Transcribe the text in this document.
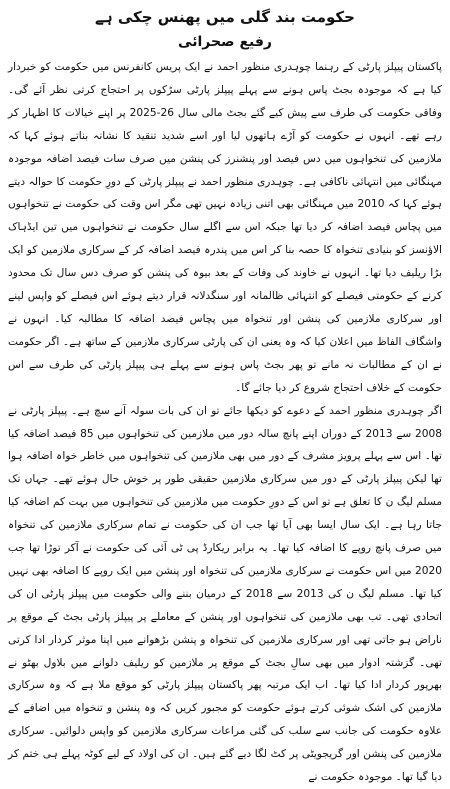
حکومت بند گلی میں پھنس چکی ہے
رفیع صحرائی

پاکستان پیپلز پارٹی کے رہنما چوہدری منظور احمد نے ایک پریس کانفرنس میں حکومت کو خبردار کیا ہے کہ موجودہ بجٹ پاس ہونے سے پہلے پیپلز پارٹی سڑکوں پر احتجاج کرتی نظر آئے گی۔ وفاقی حکومت کی طرف سے پیش کیے گئے بجٹ مالی سال 26-2025 پر اپنے خیالات کا اظہار کر رہے تھے۔ انہوں نے حکومت کو آڑے ہاتھوں لیا اور اسے شدید تنقید کا نشانہ بناتے ہوئے کہا کہ ملازمین کی تنخواہوں میں دس فیصد اور پنشنرز کی پنشن میں صرف سات فیصد اضافہ موجودہ مہنگائی میں انتہائی ناکافی ہے۔ چوہدری منظور احمد نے پیپلز پارٹی کے دورِ حکومت کا حوالہ دیتے ہوئے کہا کہ 2010 میں مہنگائی بھی اتنی زیادہ نہیں تھی مگر اس وقت کی حکومت نے تنخواہوں میں پچاس فیصد اضافہ کر دیا تھا جبکہ اس سے اگلے سال حکومت نے تنخواہوں میں تین ایڈہاک الاؤنسز کو بنیادی تنخواہ کا حصہ بنا کر اس میں پندرہ فیصد اضافہ کر کے سرکاری ملازمین کو ایک بڑا ریلیف دیا تھا۔ انہوں نے خاوند کی وفات کے بعد بیوہ کی پنشن کو صرف دس سال تک محدود کرنے کے حکومتی فیصلے کو انتہائی ظالمانہ اور سنگدلانہ قرار دیتے ہوئے اس فیصلے کو واپس لینے اور سرکاری ملازمین کی پنشن اور تنخواہ میں پچاس فیصد اضافہ کا مطالبہ کیا۔ انہوں نے واشگاف الفاظ میں اعلان کیا کہ وہ یعنی ان کی پارٹی سرکاری ملازمین کے ساتھ ہے۔ اگر حکومت نے ان کے مطالبات نہ مانے تو پھر بجٹ پاس ہونے سے پہلے ہی پیپلز پارٹی کی طرف سے اس حکومت کے خلاف احتجاج شروع کر دیا جائے گا۔

اگر چوہدری منظور احمد کے دعوے کو دیکھا جائے تو ان کی بات سولہ آنے سچ ہے۔ پیپلز پارٹی نے 2008 سے 2013 کے دوران اپنے پانچ سالہ دور میں ملازمین کی تنخواہوں میں 85 فیصد اضافہ کیا تھا۔ اس سے پہلے پرویز مشرف کے دور میں بھی ملازمین کی تنخواہوں میں خاطر خواہ اضافہ ہوا تھا لیکن پیپلز پارٹی کے دور میں سرکاری ملازمین حقیقی طور پر خوش حال ہوئے تھے۔ جہاں تک مسلم لیگ ن کا تعلق ہے تو اس کے دورِ حکومت میں ملازمین کی تنخواہوں میں بہت کم اضافہ کیا جاتا رہا ہے۔ ایک سال ایسا بھی آیا تھا جب ان کی حکومت نے تمام سرکاری ملازمین کی تنخواہ میں صرف پانچ روپے کا اضافہ کیا تھا۔ یہ برابر ریکارڈ پی ٹی آئی کی حکومت نے آکر توڑا تھا جب 2020 میں اس حکومت نے سرکاری ملازمین کی تنخواہ اور پنشن میں ایک روپے کا اضافہ بھی نہیں کیا تھا۔ مسلم لیگ ن کی 2013 سے 2018 کے درمیان بننے والی حکومت میں پیپلز پارٹی ان کی اتحادی تھی۔ تب بھی ملازمین کی تنخواہوں اور پنشن کے معاملے پر پیپلز پارٹی بجٹ کے موقع پر ناراض ہو جاتی تھی اور سرکاری ملازمین کی تنخواہ و پنشن بڑھوانے میں اپنا موثر کردار ادا کرتی تھی۔ گزشتہ ادوار میں بھی سالِ بجٹ کے موقع پر ملازمین کو ریلیف دلوانے میں بلاول بھٹو نے بھرپور کردار ادا کیا تھا۔ اب ایک مرتبہ پھر پاکستان پیپلز پارٹی کو موقع ملا ہے کہ وہ سرکاری ملازمین کی اشک شوئی کرتے ہوئے حکومت کو مجبور کریں کہ وہ پنشن و تنخواہ میں اضافے کے علاوہ حکومت کی جانب سے سلب کی گئی مراعات سرکاری ملازمین کو واپس دلوائیں۔ سرکاری ملازمین کی پنشن اور گریجویٹی پر کٹ لگا دیے گئے ہیں۔ ان کی اولاد کے لیے کوٹہ پہلے ہی ختم کر دیا گیا تھا۔ موجودہ حکومت نے
